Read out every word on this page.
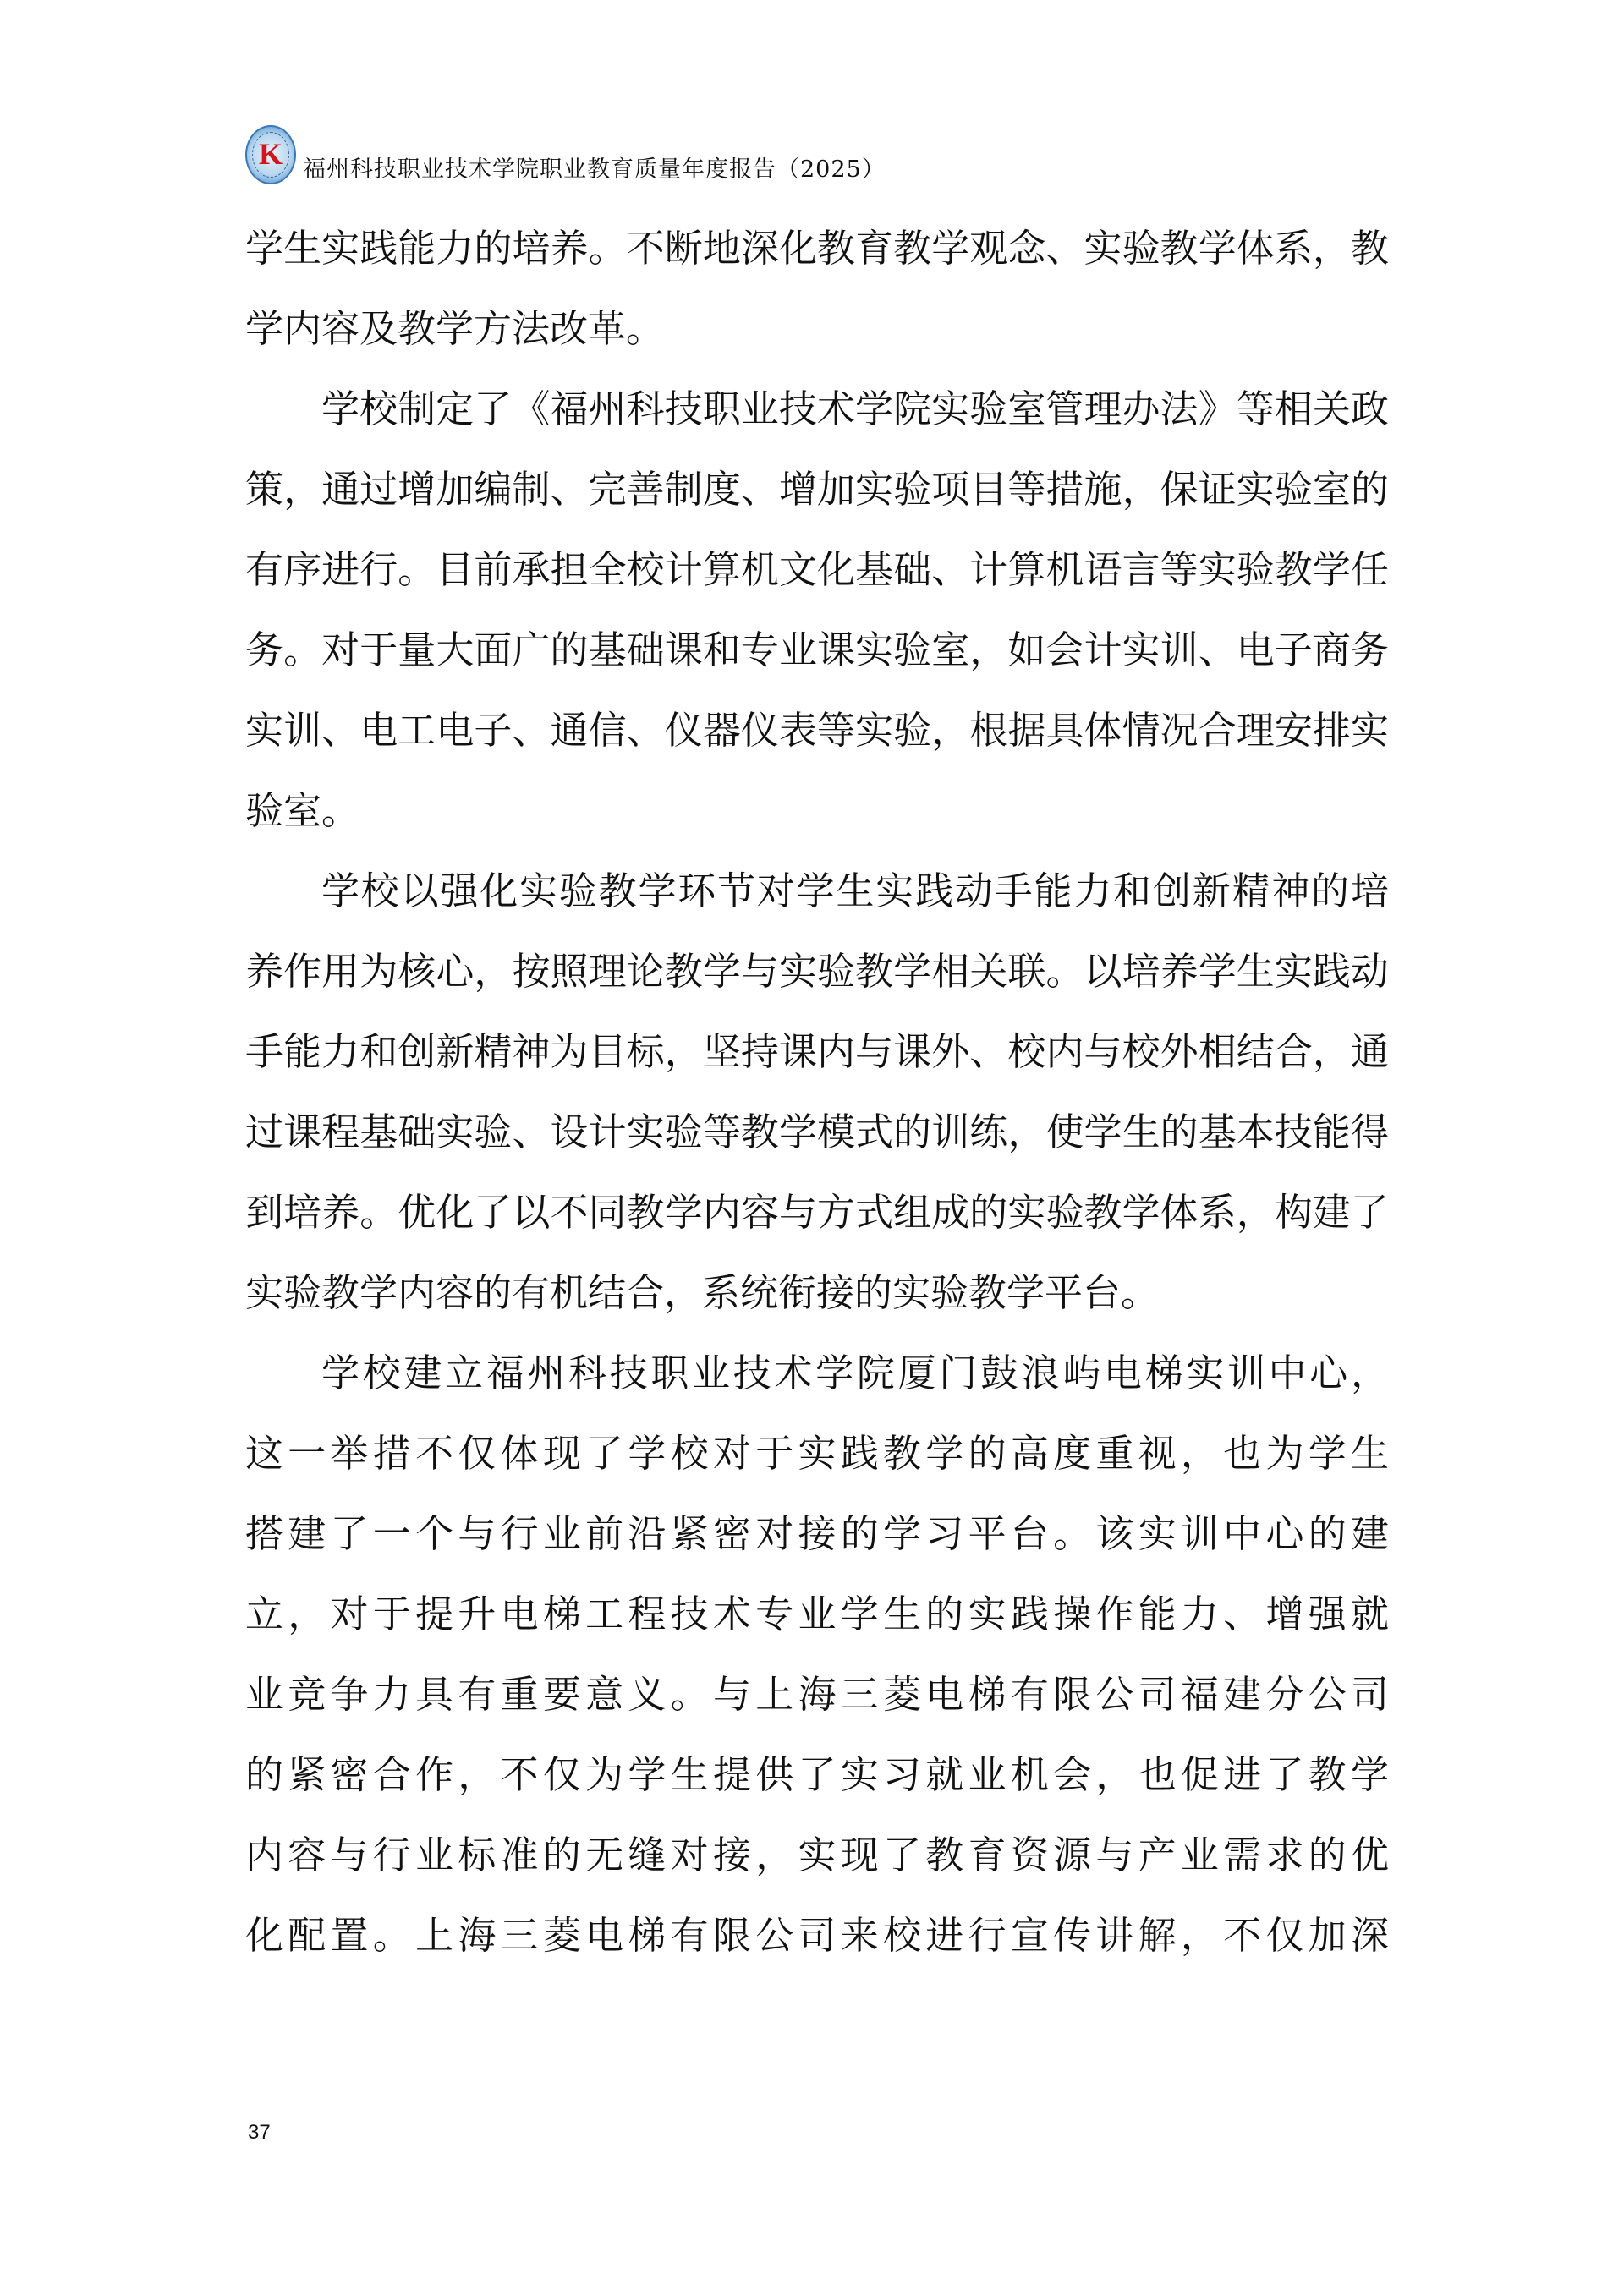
K 福州科技职业技术学院职业教育质量年度报告（2025）

学生实践能力的培养。不断地深化教育教学观念、实验教学体系，教
学内容及教学方法改革。

学校制定了《福州科技职业技术学院实验室管理办法》等相关政
策，通过增加编制、完善制度、增加实验项目等措施，保证实验室的
有序进行。目前承担全校计算机文化基础、计算机语言等实验教学任
务。对于量大面广的基础课和专业课实验室，如会计实训、电子商务
实训、电工电子、通信、仪器仪表等实验，根据具体情况合理安排实
验室。

学校以强化实验教学环节对学生实践动手能力和创新精神的培
养作用为核心，按照理论教学与实验教学相关联。以培养学生实践动
手能力和创新精神为目标，坚持课内与课外、校内与校外相结合，通
过课程基础实验、设计实验等教学模式的训练，使学生的基本技能得
到培养。优化了以不同教学内容与方式组成的实验教学体系，构建了
实验教学内容的有机结合，系统衔接的实验教学平台。

学校建立福州科技职业技术学院厦门鼓浪屿电梯实训中心，
这一举措不仅体现了学校对于实践教学的高度重视，也为学生
搭建了一个与行业前沿紧密对接的学习平台。该实训中心的建
立，对于提升电梯工程技术专业学生的实践操作能力、增强就
业竞争力具有重要意义。与上海三菱电梯有限公司福建分公司
的紧密合作，不仅为学生提供了实习就业机会，也促进了教学
内容与行业标准的无缝对接，实现了教育资源与产业需求的优
化配置。上海三菱电梯有限公司来校进行宣传讲解，不仅加深

37
